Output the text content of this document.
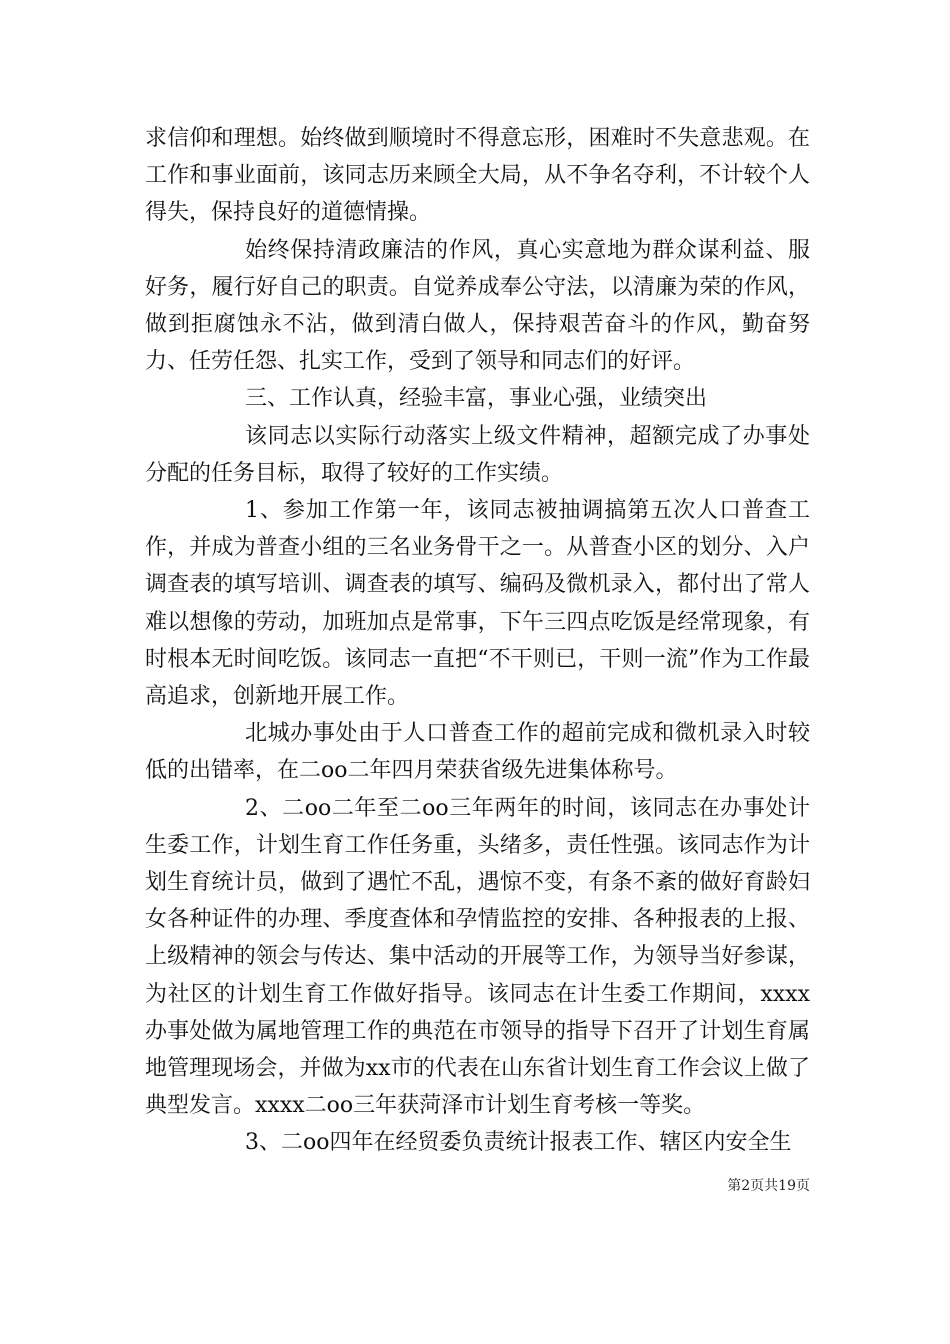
求信仰和理想。始终做到顺境时不得意忘形，困难时不失意悲观。在工作和事业面前，该同志历来顾全大局，从不争名夺利，不计较个人得失，保持良好的道德情操。

始终保持清政廉洁的作风，真心实意地为群众谋利益、服好务，履行好自己的职责。自觉养成奉公守法，以清廉为荣的作风，做到拒腐蚀永不沾，做到清白做人，保持艰苦奋斗的作风，勤奋努力、任劳任怨、扎实工作，受到了领导和同志们的好评。

三、工作认真，经验丰富，事业心强，业绩突出

该同志以实际行动落实上级文件精神，超额完成了办事处分配的任务目标，取得了较好的工作实绩。

1、参加工作第一年，该同志被抽调搞第五次人口普查工作，并成为普查小组的三名业务骨干之一。从普查小区的划分、入户调查表的填写培训、调查表的填写、编码及微机录入，都付出了常人难以想像的劳动，加班加点是常事，下午三四点吃饭是经常现象，有时根本无时间吃饭。该同志一直把“不干则已，干则一流”作为工作最高追求，创新地开展工作。

北城办事处由于人口普查工作的超前完成和微机录入时较低的出错率，在二oo二年四月荣获省级先进集体称号。

2、二oo二年至二oo三年两年的时间，该同志在办事处计生委工作，计划生育工作任务重，头绪多，责任性强。该同志作为计划生育统计员，做到了遇忙不乱，遇惊不变，有条不紊的做好育龄妇女各种证件的办理、季度查体和孕情监控的安排、各种报表的上报、上级精神的领会与传达、集中活动的开展等工作，为领导当好参谋，为社区的计划生育工作做好指导。该同志在计生委工作期间，xxxx办事处做为属地管理工作的典范在市领导的指导下召开了计划生育属地管理现场会，并做为xx市的代表在山东省计划生育工作会议上做了典型发言。xxxx二oo三年获菏泽市计划生育考核一等奖。

3、二oo四年在经贸委负责统计报表工作、辖区内安全生

第2页共19页
